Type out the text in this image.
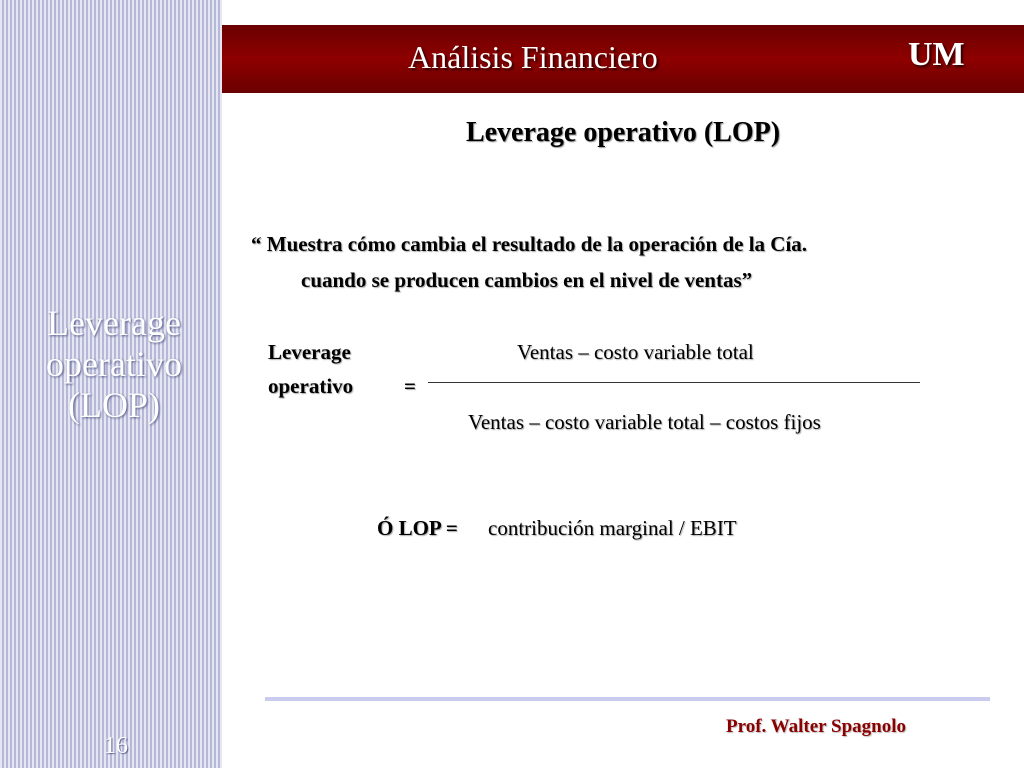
Leverage
operativo
(LOP)
16
Análisis Financiero	UM
Leverage operativo (LOP)
“ Muestra cómo cambia el resultado de la operación de la Cía.
cuando se producen cambios en el nivel de ventas”
Leverage
operativo =
Ventas – costo variable total
Ventas – costo variable total – costos fijos
Ó LOP = contribución marginal / EBIT
Prof. Walter Spagnolo
